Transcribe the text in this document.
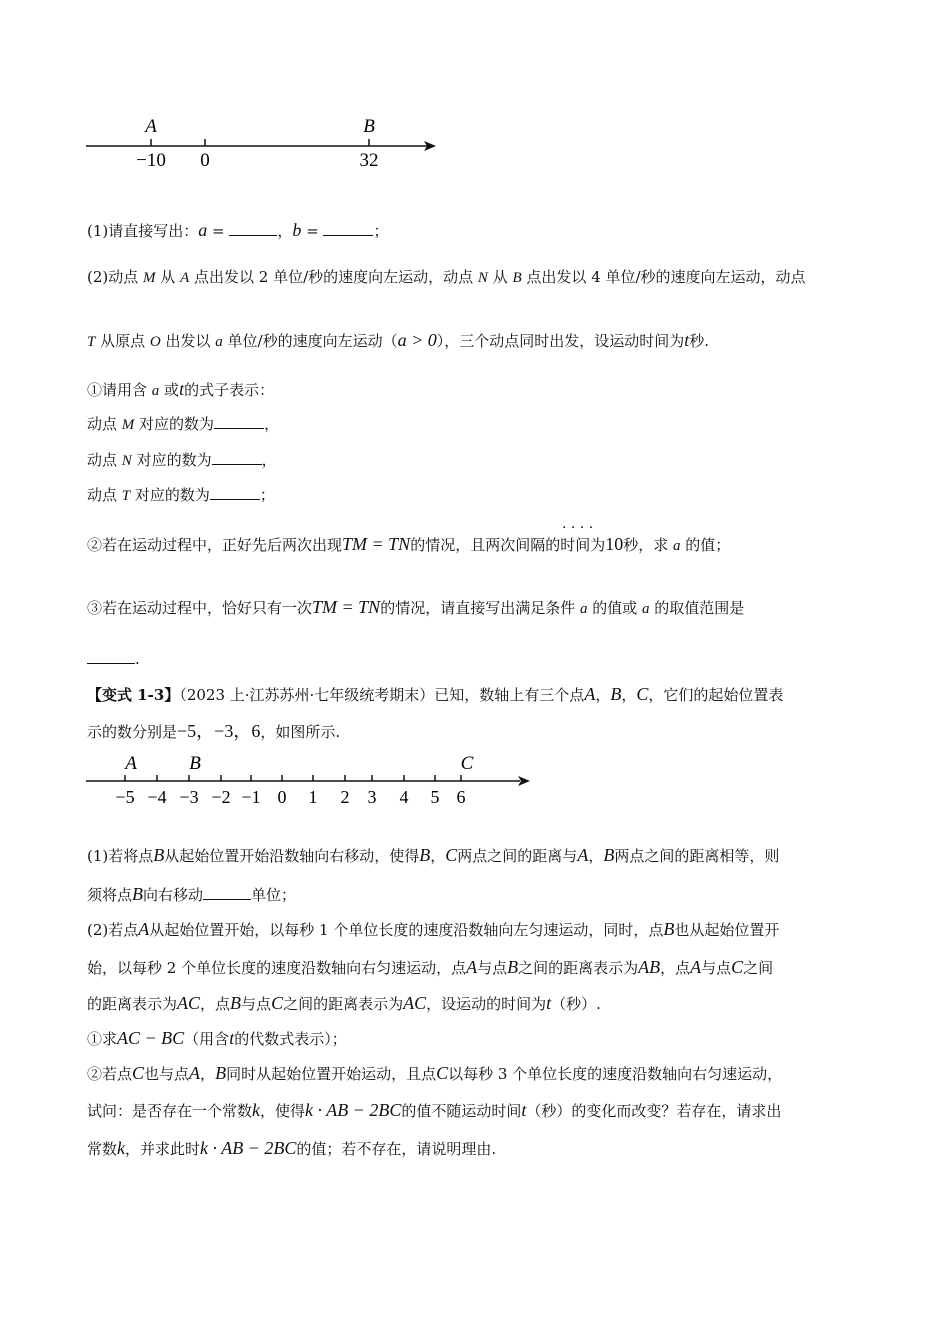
A	B
−10 0	32
(1)请直接写出：a =	，b =	；
(2)动点 M 从 A 点出发以 2 单位/秒的速度向左运动，动点 N 从 B 点出发以 4 单位/秒的速度向左运动，动点
T 从原点 O 出发以 a 单位/秒的速度向左运动（a > 0），三个动点同时出发，设运动时间为t秒.
①请用含 a 或t的式子表示：
动点 M 对应的数为	，
动点 N 对应的数为	，
动点 T 对应的数为	；
. . . .
②若在运动过程中，正好先后两次出现TM = TN的情况，且两次间隔的时间为10秒，求 a 的值；
③若在运动过程中，恰好只有一次TM = TN的情况，请直接写出满足条件 a 的值或 a 的取值范围是
.
【变式 1-3】（2023 上·江苏苏州·七年级统考期末）已知，数轴上有三个点A，B，C，它们的起始位置表
示的数分别是−5，−3，6，如图所示.
−5
A
−4 −3
B
−2 −1 0 1 2 3 4 5 6
C
(1)若将点B从起始位置开始沿数轴向右移动，使得B，C两点之间的距离与A，B两点之间的距离相等，则
须将点B向右移动	单位；
(2)若点A从起始位置开始，以每秒 1 个单位长度的速度沿数轴向左匀速运动，同时，点B也从起始位置开
始，以每秒 2 个单位长度的速度沿数轴向右匀速运动，点A与点B之间的距离表示为AB，点A与点C之间
的距离表示为AC，点B与点C之间的距离表示为AC，设运动的时间为t（秒）.
①求AC − BC（用含t的代数式表示）；
②若点C也与点A，B同时从起始位置开始运动，且点C以每秒 3 个单位长度的速度沿数轴向右匀速运动，
试问：是否存在一个常数k，使得k · AB − 2BC的值不随运动时间t（秒）的变化而改变？若存在，请求出
常数k，并求此时k · AB − 2BC的值；若不存在，请说明理由.
